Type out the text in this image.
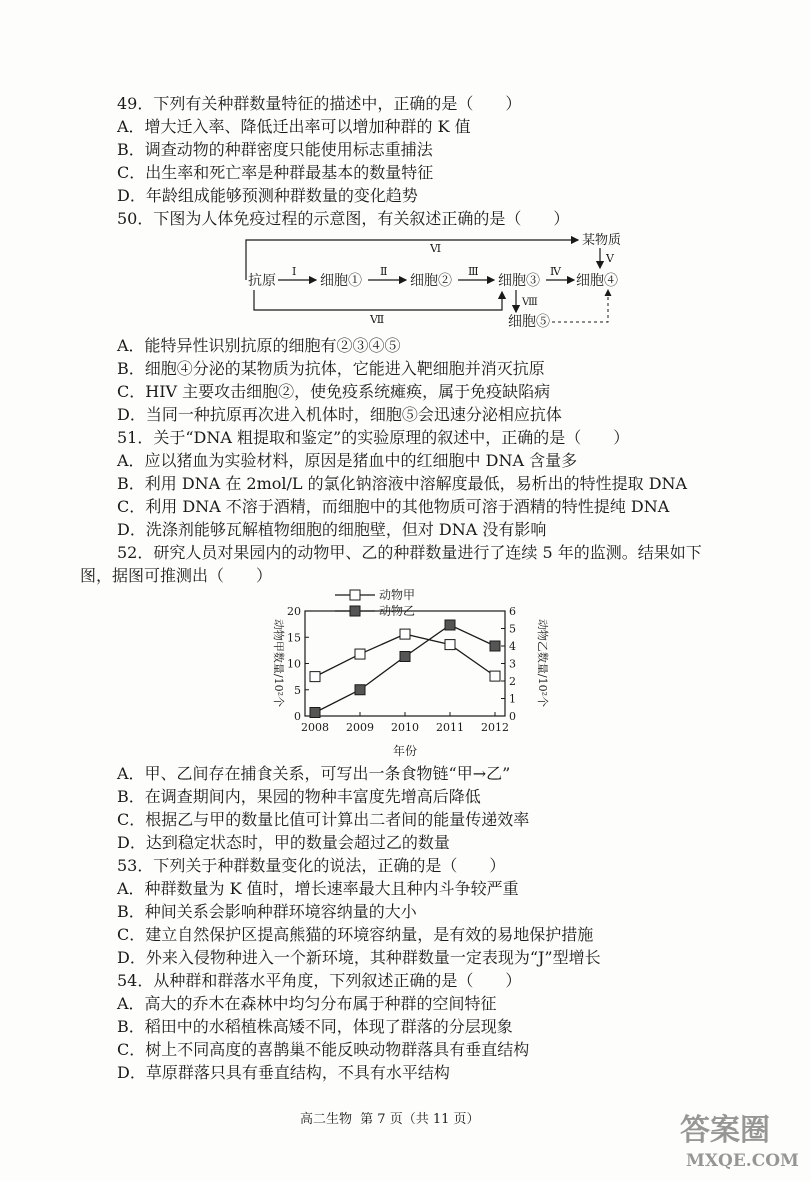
49．下列有关种群数量特征的描述中，正确的是（　　）
A．增大迁入率、降低迁出率可以增加种群的 K 值
B．调查动物的种群密度只能使用标志重捕法
C．出生率和死亡率是种群最基本的数量特征
D．年龄组成能够预测种群数量的变化趋势
50．下图为人体免疫过程的示意图，有关叙述正确的是（　　）
抗原	细胞①	细胞②	细胞③	细胞④
细胞⑤
某物质
Ⅰ	Ⅱ	Ⅲ	Ⅳ
Ⅴ
Ⅵ
Ⅶ
Ⅷ
A．能特异性识别抗原的细胞有②③④⑤
B．细胞④分泌的某物质为抗体，它能进入靶细胞并消灭抗原
C．HIV 主要攻击细胞②，使免疫系统瘫痪，属于免疫缺陷病
D．当同一种抗原再次进入机体时，细胞⑤会迅速分泌相应抗体
51．关于“DNA 粗提取和鉴定”的实验原理的叙述中，正确的是（　　）
A．应以猪血为实验材料，原因是猪血中的红细胞中 DNA 含量多
B．利用 DNA 在 2mol/L 的氯化钠溶液中溶解度最低，易析出的特性提取 DNA
C．利用 DNA 不溶于酒精，而细胞中的其他物质可溶于酒精的特性提纯 DNA
D．洗涤剂能够瓦解植物细胞的细胞壁，但对 DNA 没有影响
52．研究人员对果园内的动物甲、乙的种群数量进行了连续 5 年的监测。结果如下
图，据图可推测出（　　）
动物甲
动物乙
动物甲数量/10²个	动物乙数量/10²个
年份
0
5
10
15
20
0
1
2
3
4
5
6
2008 2009 2010 2011 2012
A．甲、乙间存在捕食关系，可写出一条食物链“甲→乙”
B．在调查期间内，果园的物种丰富度先增高后降低
C．根据乙与甲的数量比值可计算出二者间的能量传递效率
D．达到稳定状态时，甲的数量会超过乙的数量
53．下列关于种群数量变化的说法，正确的是（　　）
A．种群数量为 K 值时，增长速率最大且种内斗争较严重
B．种间关系会影响种群环境容纳量的大小
C．建立自然保护区提高熊猫的环境容纳量，是有效的易地保护措施
D．外来入侵物种进入一个新环境，其种群数量一定表现为“J”型增长
54．从种群和群落水平角度，下列叙述正确的是（　　）
A．高大的乔木在森林中均匀分布属于种群的空间特征
B．稻田中的水稻植株高矮不同，体现了群落的分层现象
C．树上不同高度的喜鹊巢不能反映动物群落具有垂直结构
D．草原群落只具有垂直结构，不具有水平结构
高二生物 第 7 页（共 11 页）	答案圈
MXQE.COM
